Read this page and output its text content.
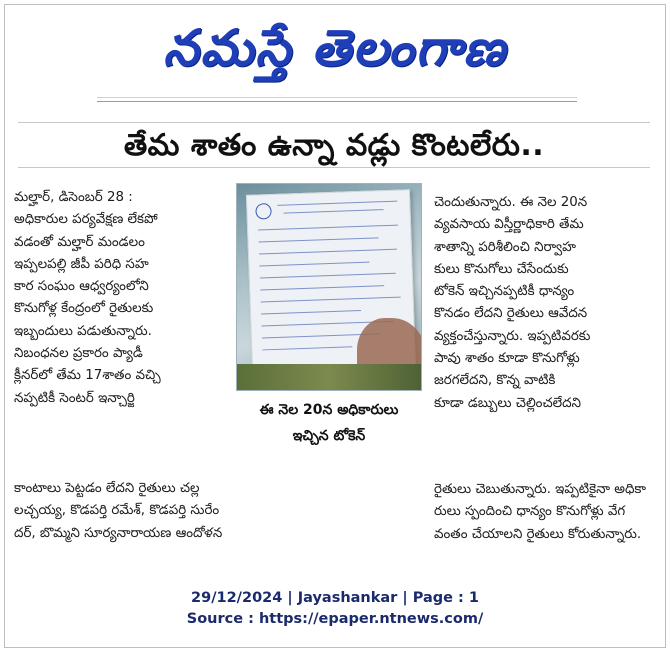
నమస్తే తెలంగాణ
తేమ శాతం ఉన్నా వడ్లు కొంటలేరు..

మల్హార్, డిసెంబర్ 28 :

అధికారుల పర్యవేక్షణ లేకపో

వడంతో మల్హార్ మండలం

ఇప్పలపల్లి జీపీ పరిధి సహ

కార సంఘం ఆధ్వర్యంలోని

కొనుగోళ్ల కేంద్రంలో రైతులకు

ఇబ్బందులు పడుతున్నారు.

నిబంధనల ప్రకారం ప్యాడీ

క్లీనర్‌లో తేమ 17శాతం వచ్చి

నప్పటికీ సెంటర్ ఇన్చార్జి

ఈ నెల 20న అధికారులు
ఇచ్చిన టోకెన్

చెందుతున్నారు. ఈ నెల 20న

వ్యవసాయ విస్తీర్ణాధికారి తేమ

శాతాన్ని పరిశీలించి నిర్వాహ

కులు కొనుగోలు చేసేందుకు

టోకెన్ ఇచ్చినప్పటికీ ధాన్యం

కొనడం లేదని రైతులు ఆవేదన

వ్యక్తంచేస్తున్నారు. ఇప్పటివరకు

పావు శాతం కూడా కొనుగోళ్లు

జరగలేదని, కొన్న వాటికి

కూడా డబ్బులు చెల్లించలేదని

కాంటాలు పెట్టడం లేదని రైతులు చల్ల

లచ్చయ్య, కొడపర్తి రమేశ్, కొడపర్తి సురేం

దర్, బొమ్మని సూర్యనారాయణ ఆందోళన

రైతులు చెబుతున్నారు. ఇప్పటికైనా అధికా

రులు స్పందించి ధాన్యం కొనుగోళ్లు వేగ

వంతం చేయాలని రైతులు కోరుతున్నారు.

29/12/2024 | Jayashankar | Page : 1
Source : https://epaper.ntnews.com/
